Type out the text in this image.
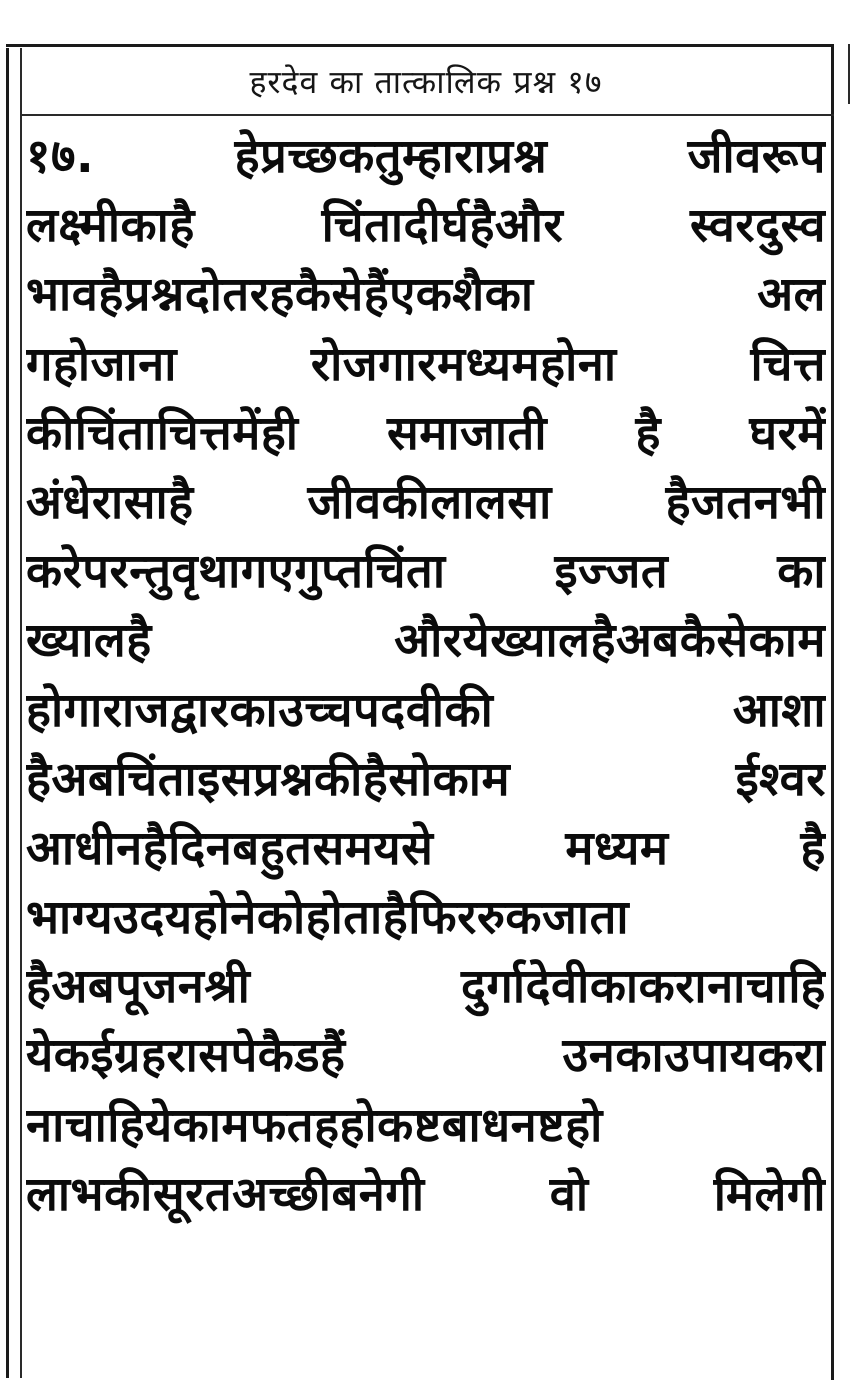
हरदेव का तात्कालिक प्रश्न १७
१७. हेप्रच्छकतुम्हाराप्रश्न जीवरूप
लक्ष्मीकाहै चिंतादीर्घहैऔर स्वरदुस्व
भावहैप्रश्नदोतरहकैसेहैंएकशैका अल
गहोजाना रोजगारमध्यमहोना चित्त
कीचिंताचित्तमेंही समाजाती है घरमें
अंधेरासाहै जीवकीलालसा हैजतनभी
करेपरन्तुवृथागएगुप्तचिंता इज्जत का
ख्यालहै औरयेख्यालहैअबकैसेकाम
होगाराजद्वारकाउच्चपदवीकी आशा
हैअबचिंताइसप्रश्नकीहैसोकाम ईश्वर
आधीनहैदिनबहुतसमयसे मध्यम है
भाग्यउदयहोनेकोहोताहैफिररुकजाता
हैअबपूजनश्री दुर्गादेवीकाकरानाचाहि
येकईग्रहरासपेकैडहैं उनकाउपायकरा
नाचाहियेकामफतहहोकष्टबाधनष्टहो
लाभकीसूरतअच्छीबनेगी वो मिलेगी
